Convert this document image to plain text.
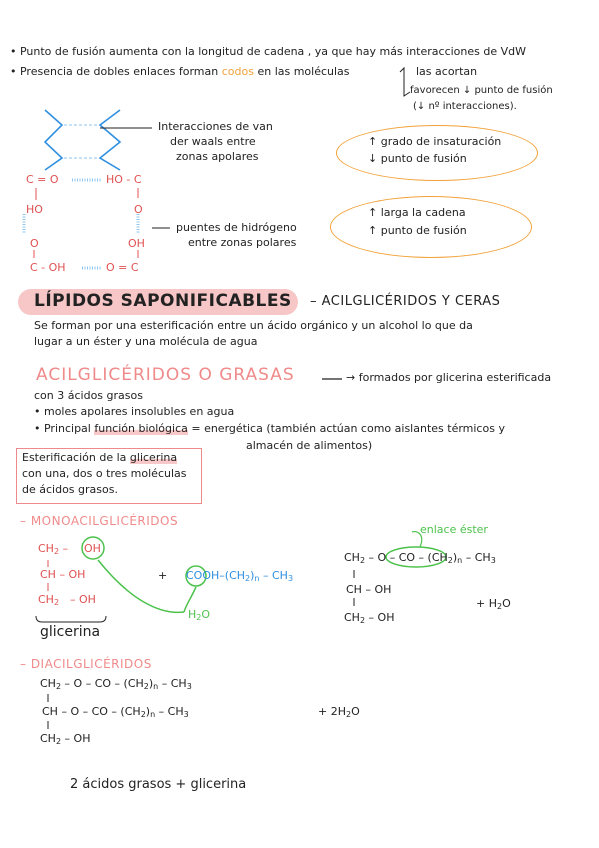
• Punto de fusión aumenta con la longitud de cadena , ya que hay más interacciones de VdW
• Presencia de dobles enlaces forman codos en las moléculas	las acortan
favorecen ↓ punto de fusión
(↓ nº interacciones).
Interacciones de van
der waals entre
zonas apolares
C = O	HO - C
HO	O
O	OH
C - OH	O = C
puentes de hidrógeno
entre zonas polares
↑ grado de insaturación
↓ punto de fusión
↑ larga la cadena
↑ punto de fusión
LÍPIDOS SAPONIFICABLES – ACILGLICÉRIDOS Y CERAS
Se forman por una esterificación entre un ácido orgánico y un alcohol lo que da
lugar a un éster y una molécula de agua
ACILGLICÉRIDOS O GRASAS	→ formados por glicerina esterificada
con 3 ácidos grasos
• moles apolares insolubles en agua
• Principal función biológica = energética (también actúan como aislantes térmicos y
almacén de alimentos)
Esterificación de la glicerina
con una, dos o tres moléculas
de ácidos grasos.
– MONOACILGLICÉRIDOS
$CH_2$ – OH
CH – OH
$CH_2$ – OH
glicerina
+ COOH–$(CH_2)_n - CH_3$
$H_2O$
enlace éster
$CH_2$ – O – CO – $(CH_2)_n - CH_3$
CH – OH
$CH_2$ – OH
+ $H_2O$
– DIACILGLICÉRIDOS
$CH_2$ – O – CO – $(CH_2)_n - CH_3$
CH – O – CO – $(CH_2)_n - CH_3$
$CH_2$ – OH
+ $2H_2O$
2 ácidos grasos + glicerina
